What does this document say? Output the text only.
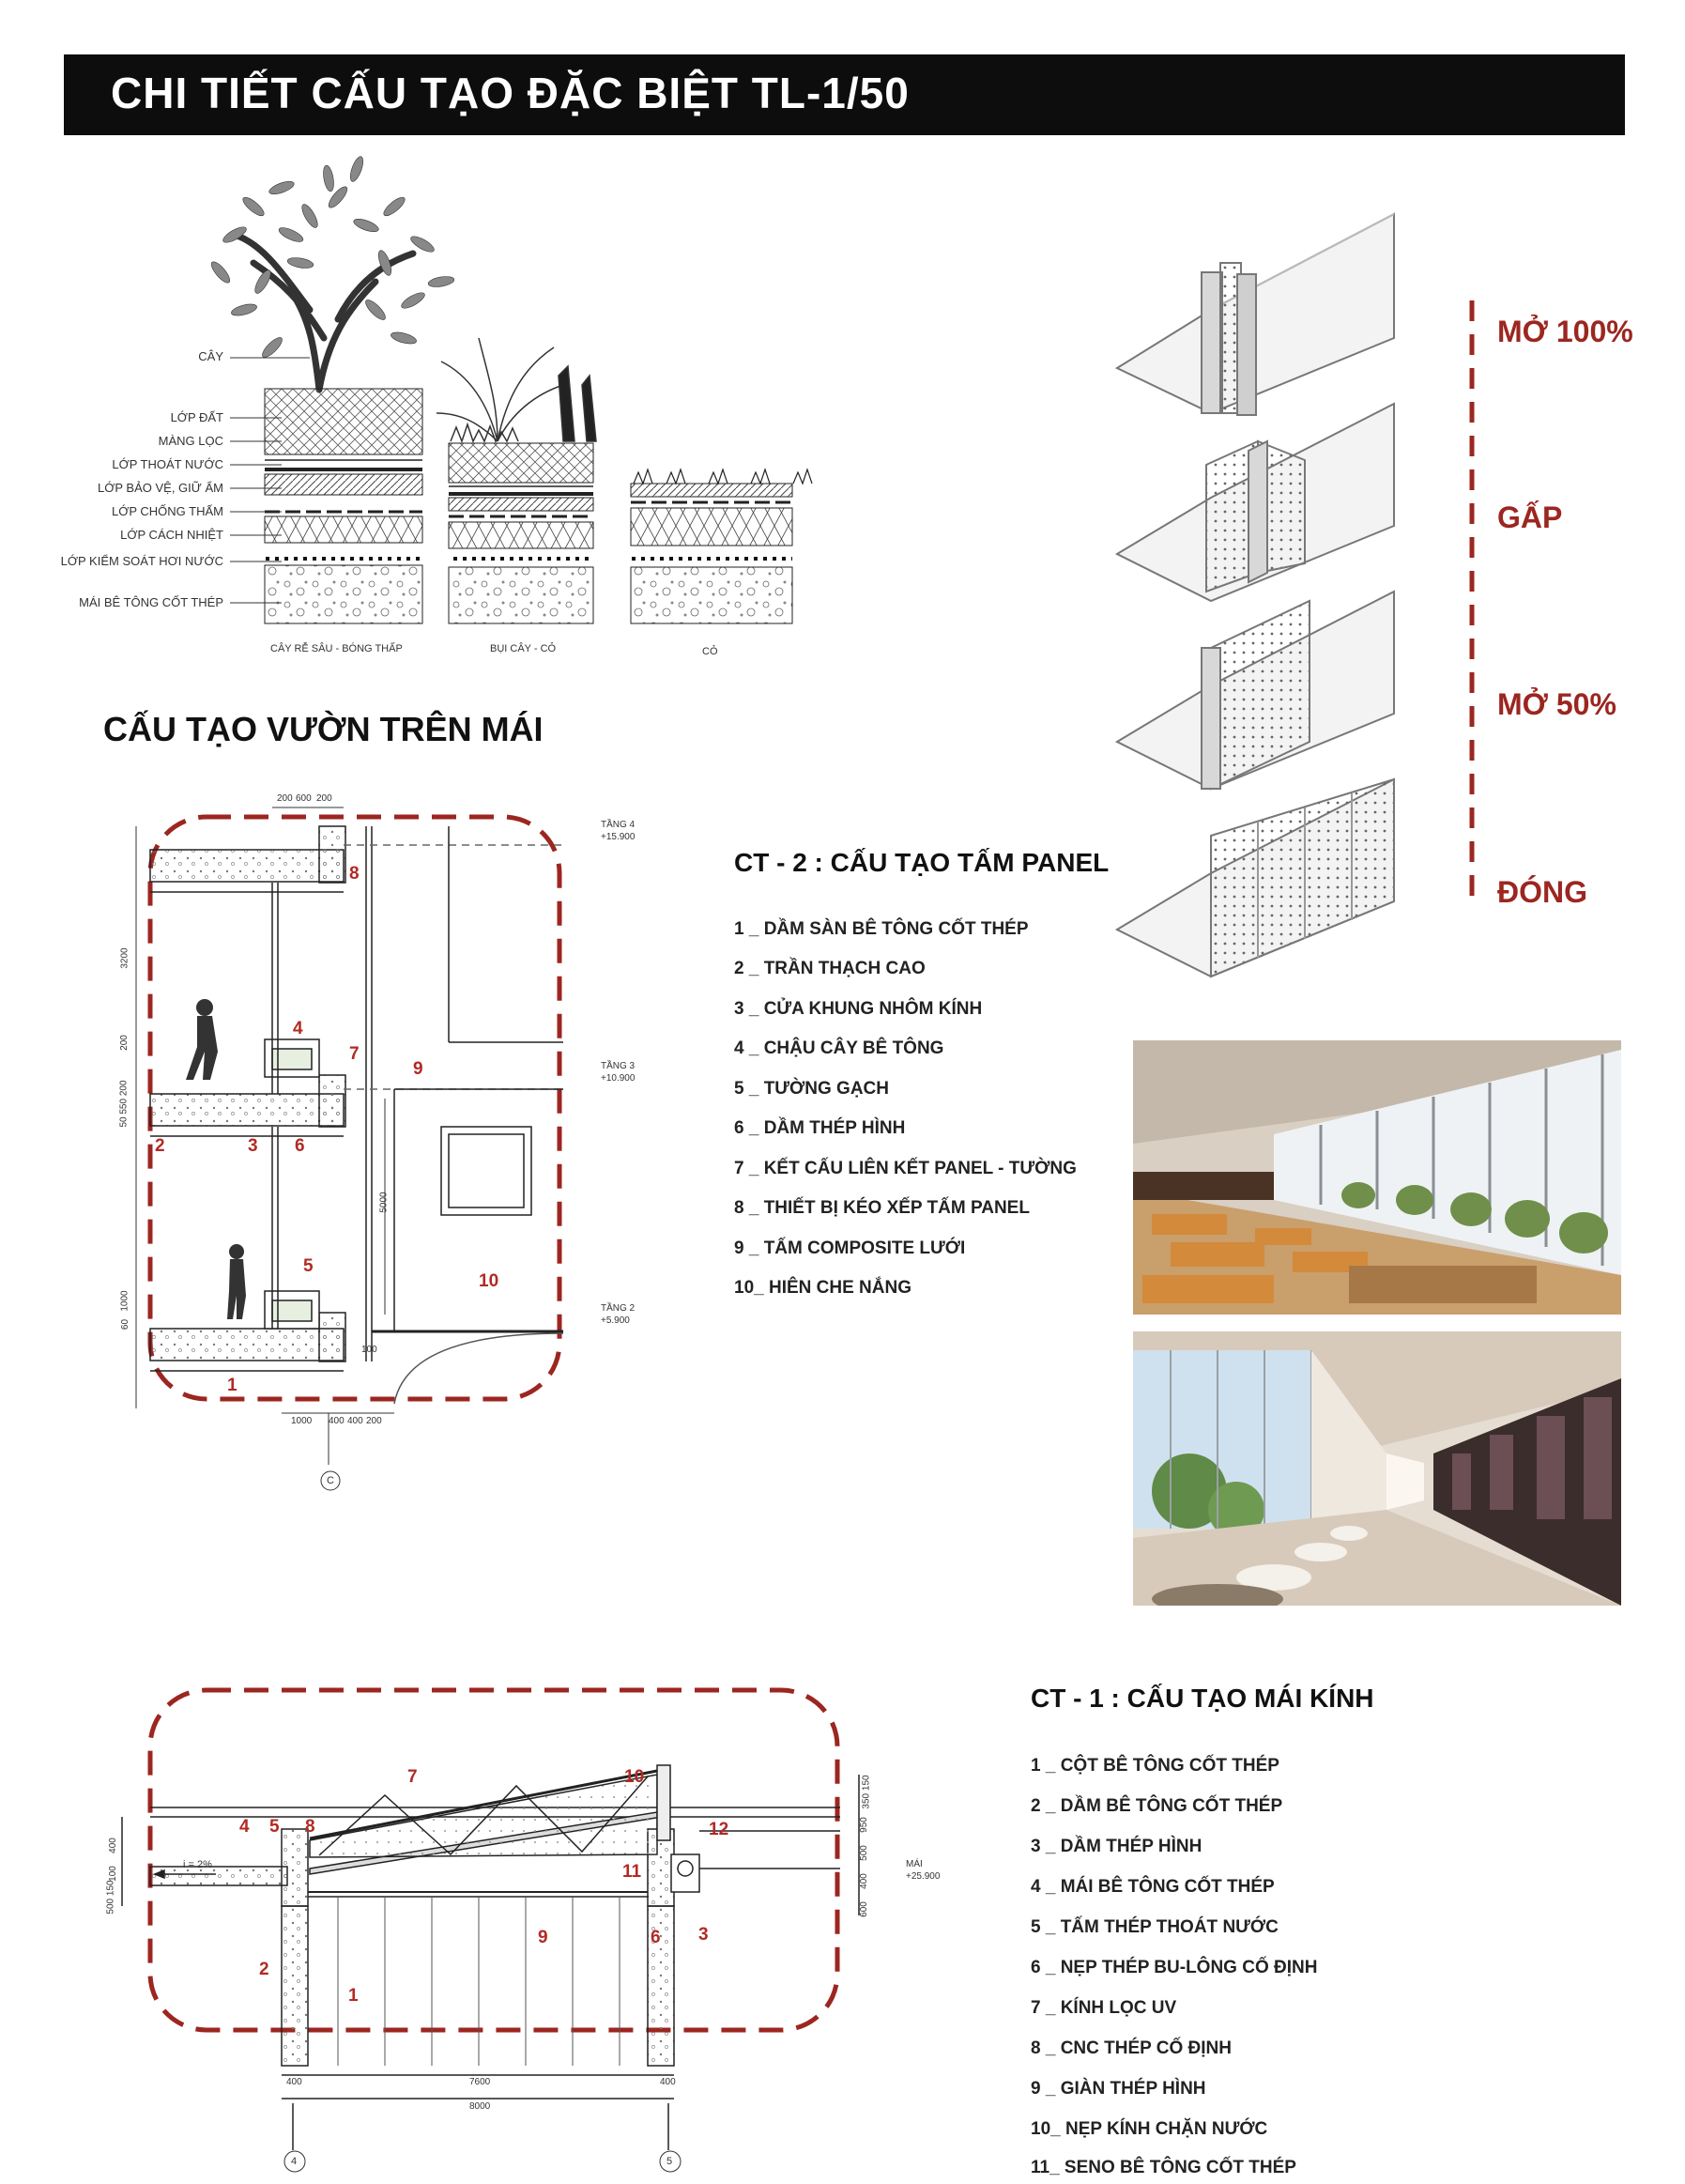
CHI TIẾT CẤU TẠO ĐẶC BIỆT TL-1/50
CÂY
LỚP ĐẤT
MÀNG LỌC
LỚP THOÁT NƯỚC
LỚP BẢO VỆ, GIỮ ẨM
LỚP CHỐNG THẤM
LỚP CÁCH NHIỆT
LỚP KIỂM SOÁT HƠI NƯỚC
MÁI BÊ TÔNG CỐT THÉP
CÂY RỄ SÂU - BÓNG THẤP	BỤI CÂY - CỎ	CỎ
CẤU TẠO VƯỜN TRÊN MÁI
MỞ 100%
GẤP
MỞ 50%
ĐÓNG
200 600 200
TẦNG 4
+15.900
TẦNG 3
+10.900
TẦNG 2
+5.900
3200
200
50 550 200
1000
60
5000
100
1000 400 400 200
C
1
2	3
4
5
6
7
8
9
10
CT - 2 : CẤU TẠO TẤM PANEL
1 _ DẦM SÀN BÊ TÔNG CỐT THÉP
2 _ TRẦN THẠCH CAO
3 _ CỬA KHUNG NHÔM KÍNH
4 _ CHẬU CÂY BÊ TÔNG
5 _ TƯỜNG GẠCH
6 _ DẦM THÉP HÌNH
7 _ KẾT CẤU LIÊN KẾT PANEL - TƯỜNG
8 _ THIẾT BỊ KÉO XẾP TẤM PANEL
9 _ TẤM COMPOSITE LƯỚI
10_ HIÊN CHE NẮNG
i = 2%	MÁI
+25.900
400	7600	400
8000
350 150
950
500
400
600
400
100
500 150
4	5
1
2
3
4 5
6
7
8
9
10
11
12
CT - 1 : CẤU TẠO MÁI KÍNH
1 _ CỘT BÊ TÔNG CỐT THÉP
2 _ DẦM BÊ TÔNG CỐT THÉP
3 _ DẦM THÉP HÌNH
4 _ MÁI BÊ TÔNG CỐT THÉP
5 _ TẤM THÉP THOÁT NƯỚC
6 _ NẸP THÉP BU-LÔNG CỐ ĐỊNH
7 _ KÍNH LỌC UV
8 _ CNC THÉP CỐ ĐỊNH
9 _ GIÀN THÉP HÌNH
10_ NẸP KÍNH CHẶN NƯỚC
11_ SENO BÊ TÔNG CỐT THÉP
